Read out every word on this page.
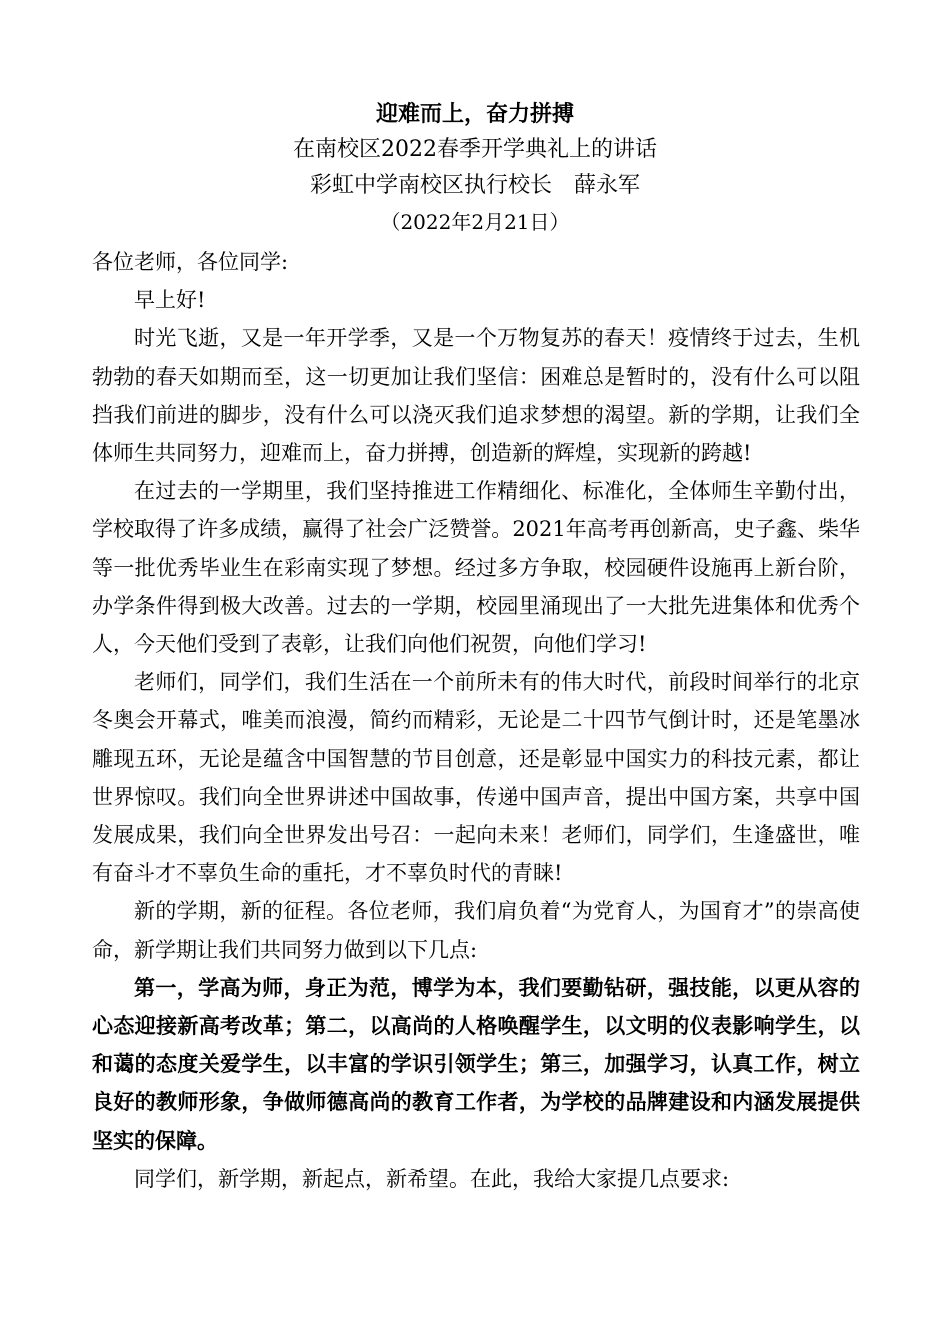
迎难而上，奋力拼搏
在南校区2022春季开学典礼上的讲话
彩虹中学南校区执行校长　薛永军
（2022年2月21日）

各位老师，各位同学:

早上好!

时光飞逝，又是一年开学季，又是一个万物复苏的春天！疫情终于过去，生机勃勃的春天如期而至，这一切更加让我们坚信：困难总是暂时的，没有什么可以阻挡我们前进的脚步，没有什么可以浇灭我们追求梦想的渴望。新的学期，让我们全体师生共同努力，迎难而上，奋力拼搏，创造新的辉煌，实现新的跨越!

在过去的一学期里，我们坚持推进工作精细化、标准化，全体师生辛勤付出，学校取得了许多成绩，赢得了社会广泛赞誉。2021年高考再创新高，史子鑫、柴华等一批优秀毕业生在彩南实现了梦想。经过多方争取，校园硬件设施再上新台阶，办学条件得到极大改善。过去的一学期，校园里涌现出了一大批先进集体和优秀个人，今天他们受到了表彰，让我们向他们祝贺，向他们学习!

老师们，同学们，我们生活在一个前所未有的伟大时代，前段时间举行的北京冬奥会开幕式，唯美而浪漫，简约而精彩，无论是二十四节气倒计时，还是笔墨冰雕现五环，无论是蕴含中国智慧的节目创意，还是彰显中国实力的科技元素，都让世界惊叹。我们向全世界讲述中国故事，传递中国声音，提出中国方案，共享中国发展成果，我们向全世界发出号召：一起向未来！老师们，同学们，生逢盛世，唯有奋斗才不辜负生命的重托，才不辜负时代的青睐!

新的学期，新的征程。各位老师，我们肩负着“为党育人，为国育才”的崇高使命，新学期让我们共同努力做到以下几点:

第一，学高为师，身正为范，博学为本，我们要勤钻研，强技能，以更从容的心态迎接新高考改革；第二，以高尚的人格唤醒学生，以文明的仪表影响学生，以和蔼的态度关爱学生，以丰富的学识引领学生；第三，加强学习，认真工作，树立良好的教师形象，争做师德高尚的教育工作者，为学校的品牌建设和内涵发展提供坚实的保障。

同学们，新学期，新起点，新希望。在此，我给大家提几点要求:
